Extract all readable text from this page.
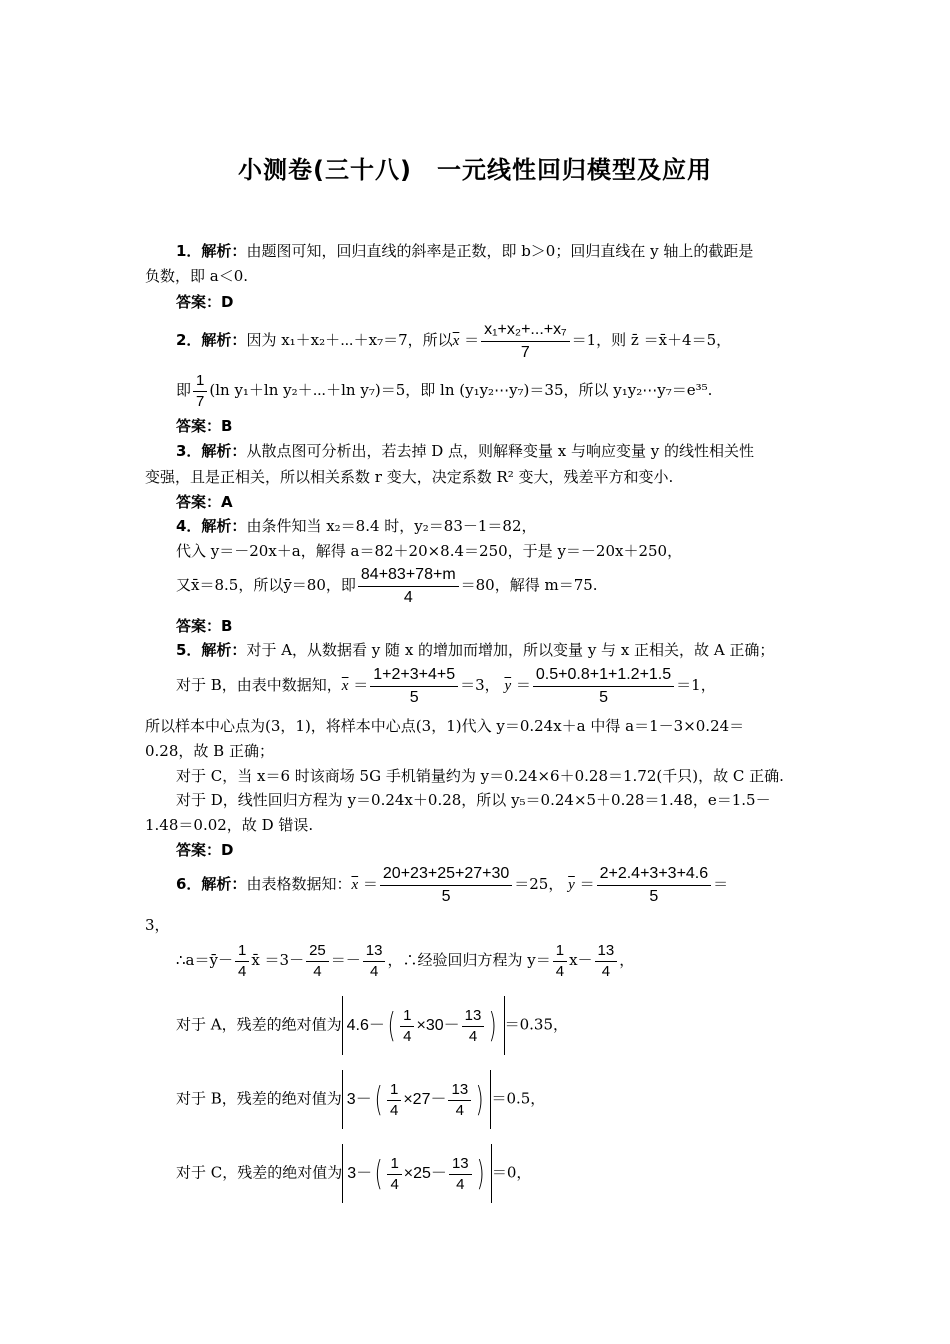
小测卷(三十八)　一元线性回归模型及应用
1．解析：由题图可知，回归直线的斜率是正数，即 b＞0；回归直线在 y 轴上的截距是
负数，即 a＜0.
答案：D
2．解析：因为 x₁＋x₂＋⋯＋x₇＝7，所以$\overline{x} = \frac{\text{x₁+x₂+...+x₇}}{7} =1$，则 z̄ ＝x̄＋4＝5，
即 $\frac{1}{7} (\ln$ y₁＋ln y₂＋⋯＋ln y₇)＝5，即 ln (y₁y₂⋯y₇)＝35，所以 y₁y₂⋯y₇＝e³⁵.
答案：B
3．解析：从散点图可分析出，若去掉 D 点，则解释变量 x 与响应变量 y 的线性相关性
变强，且是正相关，所以相关系数 r 变大，决定系数 R² 变大，残差平方和变小.
答案：A
4．解析：由条件知当 x₂＝8.4 时，y₂＝83－1＝82，
代入 y＝－20x＋a，解得 a＝82＋20×8.4＝250，于是 y＝－20x＋250，
又x̄＝8.5，所以ȳ＝80，即 $\frac{84+83+78+m}{4} =80$，解得 m＝75.
答案：B
5．解析：对于 A，从数据看 y 随 x 的增加而增加，所以变量 y 与 x 正相关，故 A 正确；
对于 B，由表中数据知，$\overline{x} = \frac{1+2+3+4+5}{5} =3$， $\overline{y} = \frac{0.5+0.8+1+1.2+1.5}{5} =1$，
所以样本中心点为(3，1)，将样本中心点(3，1)代入 y＝0.24x＋a 中得 a＝1－3×0.24＝
0.28，故 B 正确；
对于 C，当 x＝6 时该商场 5G 手机销量约为 y＝0.24×6＋0.28＝1.72(千只)，故 C 正确.
对于 D，线性回归方程为 y＝0.24x＋0.28，所以 y₅＝0.24×5＋0.28＝1.48，e＝1.5－
1.48＝0.02，故 D 错误.
答案：D
6．解析：由表格数据知：$\overline{x} = \frac{20+23+25+27+30}{5} =25$， $\overline{y} = \frac{2+2.4+3+3+4.6}{5}$ ＝
3，
∴a＝ȳ－ $\frac{1}{4}$ x̄ $=3- \frac{25}{4} =- \frac{13}{4}$ ，∴经验回归方程为 $y= \frac{1}{4} x- \frac{13}{4}$ ，
对于 A，残差的绝对值为 $4.6-( \frac{1}{4} \times 30- \frac{13}{4}$ ) ＝0.35，
对于 B，残差的绝对值为 $3-( \frac{1}{4} \times 27- \frac{13}{4}$ ) ＝0.5，
对于 C，残差的绝对值为 $3-( \frac{1}{4} \times 25- \frac{13}{4}$ ) ＝0，
